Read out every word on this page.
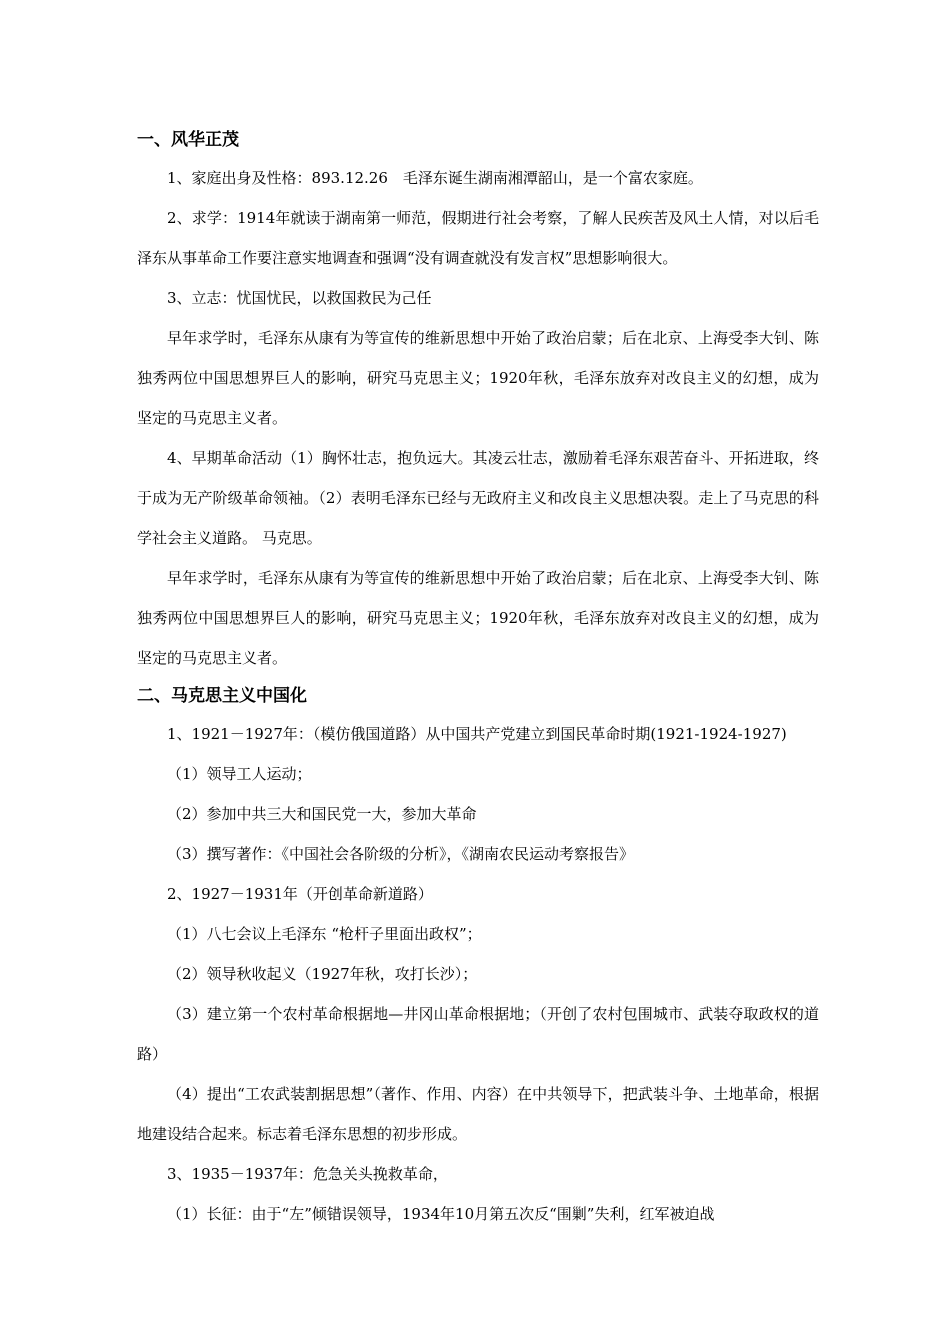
一、风华正茂

1、家庭出身及性格：893.12.26　毛泽东诞生湖南湘潭韶山，是一个富农家庭。

2、求学：1914年就读于湖南第一师范，假期进行社会考察，了解人民疾苦及风土人情，对以后毛泽东从事革命工作要注意实地调查和强调“没有调查就没有发言权”思想影响很大。

3、立志：忧国忧民，以救国救民为己任

早年求学时，毛泽东从康有为等宣传的维新思想中开始了政治启蒙；后在北京、上海受李大钊、陈独秀两位中国思想界巨人的影响，研究马克思主义；1920年秋，毛泽东放弃对改良主义的幻想，成为坚定的马克思主义者。

4、早期革命活动（1）胸怀壮志，抱负远大。其凌云壮志，激励着毛泽东艰苦奋斗、开拓进取，终于成为无产阶级革命领袖。（2）表明毛泽东已经与无政府主义和改良主义思想决裂。走上了马克思的科学社会主义道路。 马克思。

早年求学时，毛泽东从康有为等宣传的维新思想中开始了政治启蒙；后在北京、上海受李大钊、陈独秀两位中国思想界巨人的影响，研究马克思主义；1920年秋，毛泽东放弃对改良主义的幻想，成为坚定的马克思主义者。

二、马克思主义中国化

1、1921－1927年：（模仿俄国道路）从中国共产党建立到国民革命时期(1921-1924-1927)

（1）领导工人运动；

（2）参加中共三大和国民党一大，参加大革命

（3）撰写著作：《中国社会各阶级的分析》，《湖南农民运动考察报告》

2、1927－1931年（开创革命新道路）

（1）八七会议上毛泽东 “枪杆子里面出政权”；

（2）领导秋收起义（1927年秋，攻打长沙）；

（3）建立第一个农村革命根据地—井冈山革命根据地；（开创了农村包围城市、武装夺取政权的道路）

（4）提出“工农武装割据思想”（著作、作用、内容）在中共领导下，把武装斗争、土地革命，根据地建设结合起来。标志着毛泽东思想的初步形成。

3、1935－1937年：危急关头挽救革命，

（1）长征：由于“左”倾错误领导，1934年10月第五次反“围剿”失利，红军被迫战
